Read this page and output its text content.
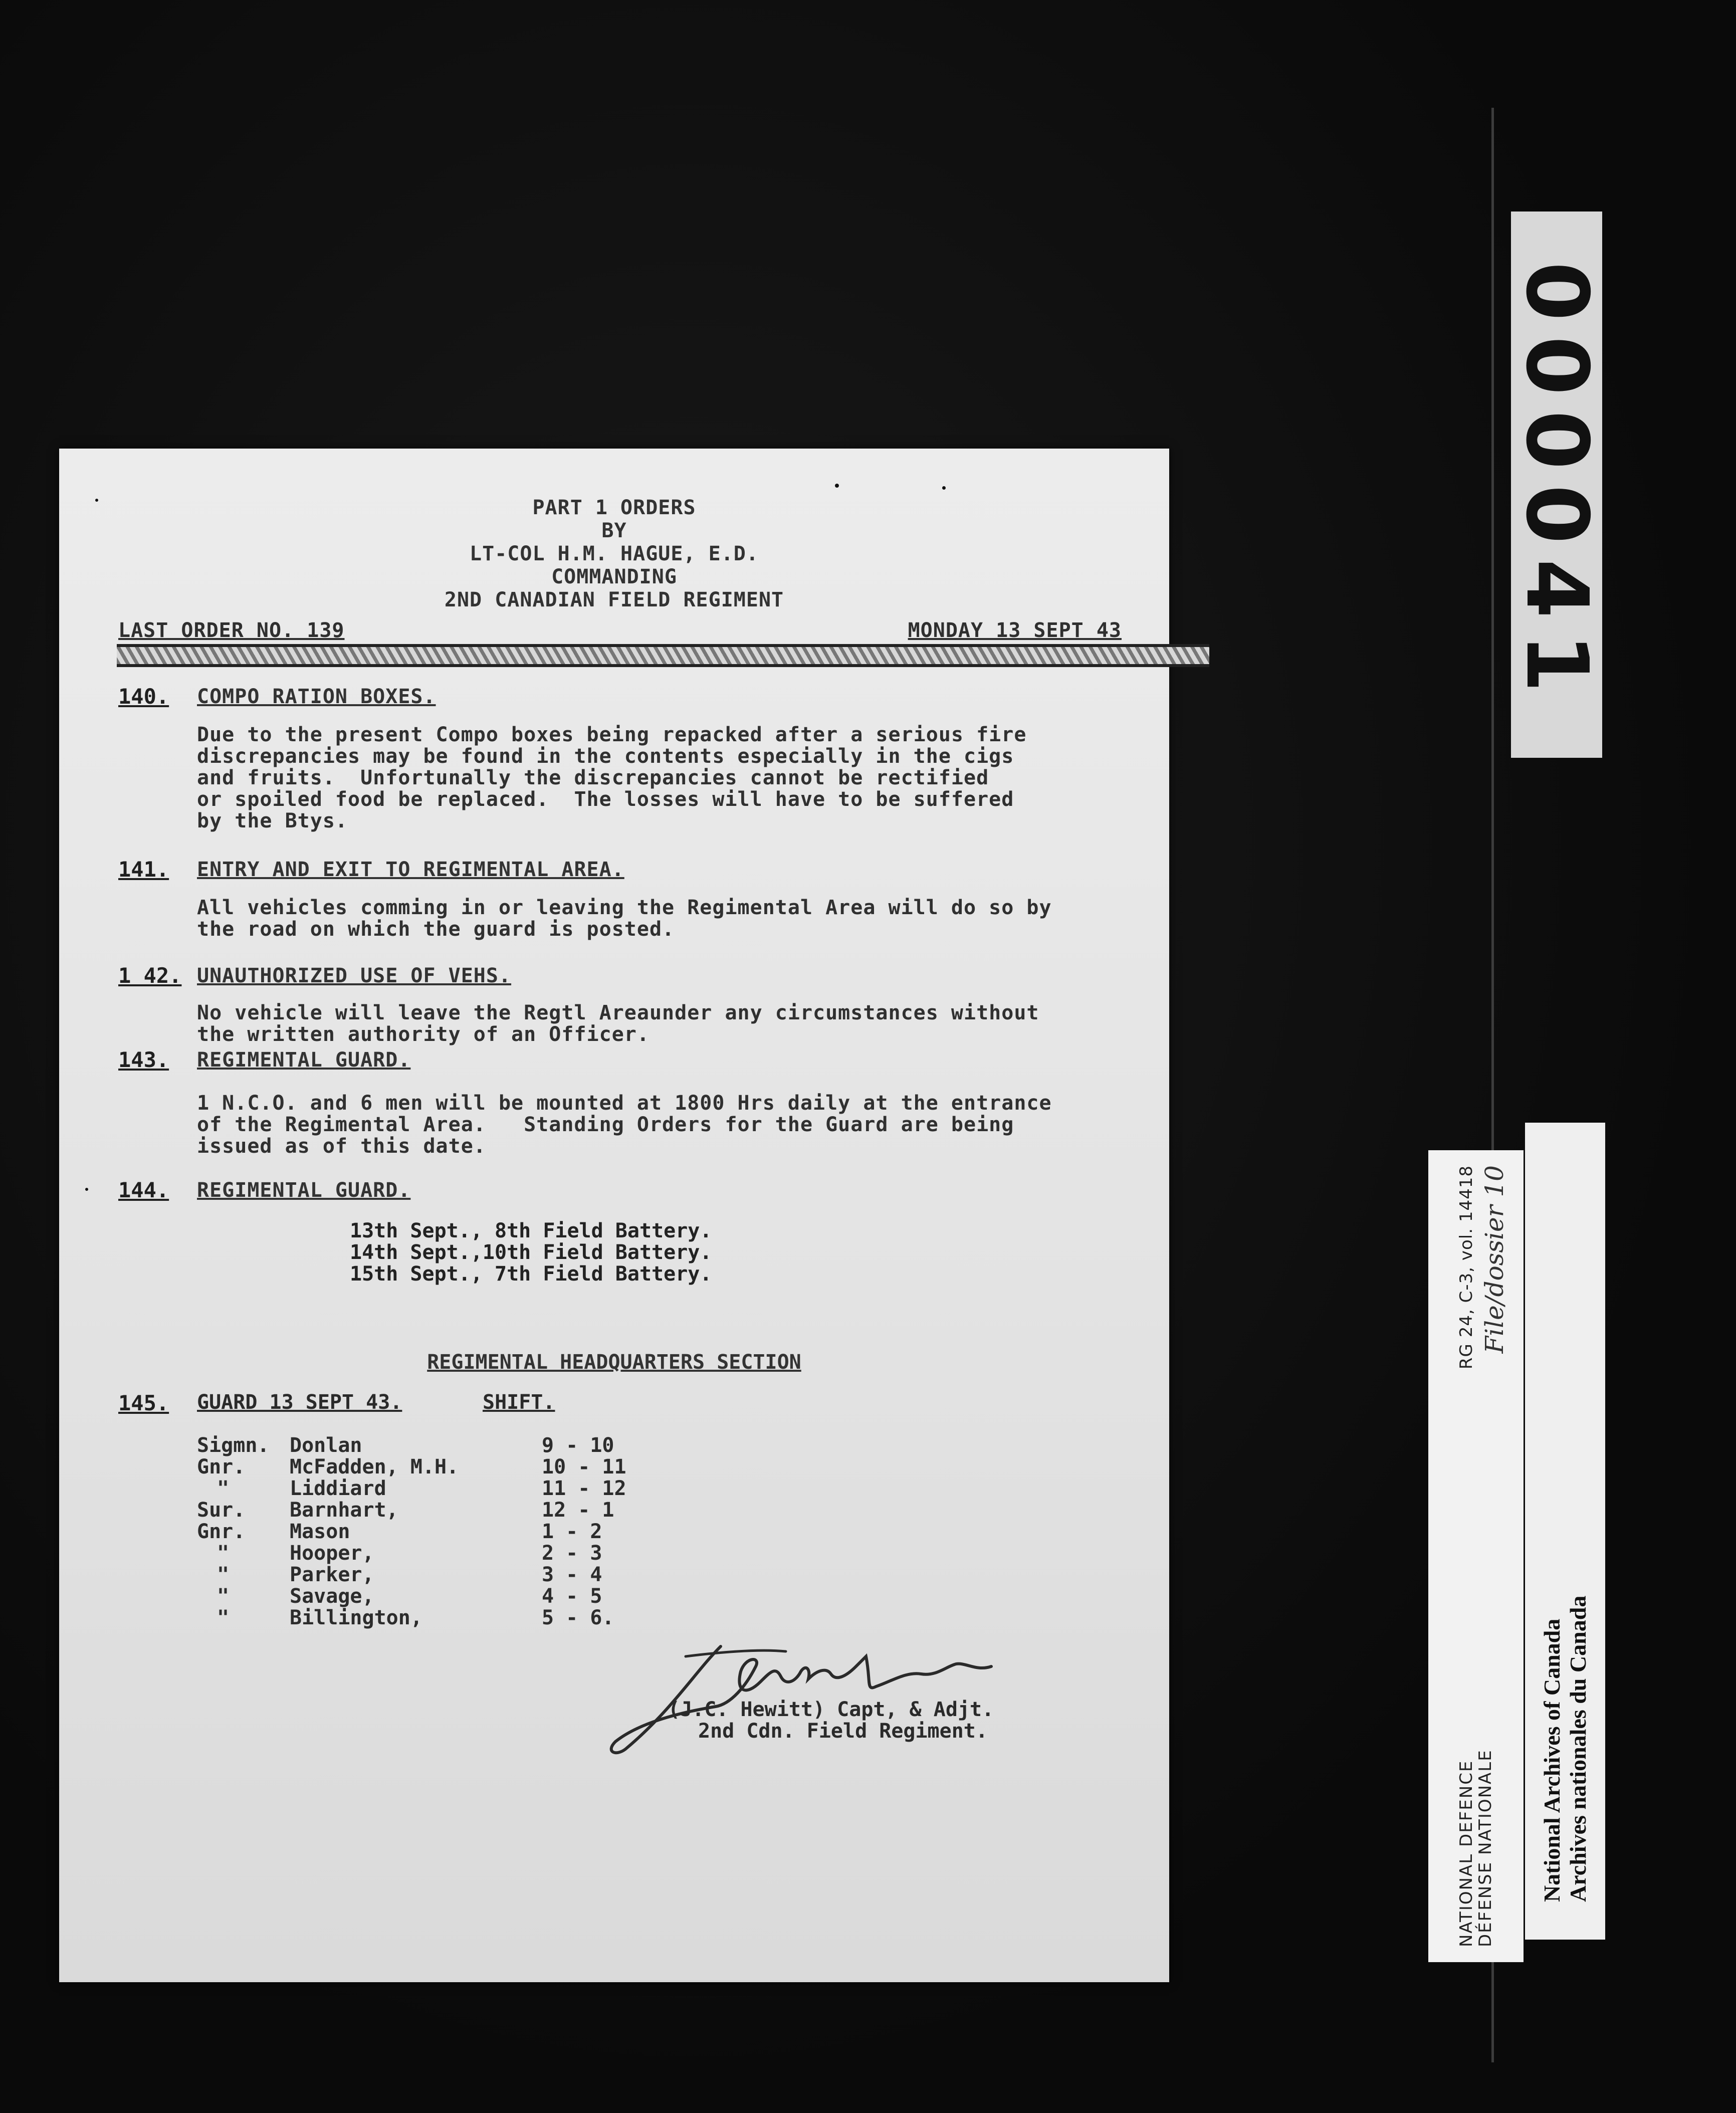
PART 1 ORDERS
BY
LT-COL H.M. HAGUE, E.D.
COMMANDING
2ND CANADIAN FIELD REGIMENT
LAST ORDER NO. 139	MONDAY 13 SEPT 43
140. COMPO RATION BOXES.
Due to the present Compo boxes being repacked after a serious fire
discrepancies may be found in the contents especially in the cigs
and fruits.  Unfortunally the discrepancies cannot be rectified
or spoiled food be replaced.  The losses will have to be suffered
by the Btys.
141. ENTRY AND EXIT TO REGIMENTAL AREA.
All vehicles comming in or leaving the Regimental Area will do so by
the road on which the guard is posted.
1 42. UNAUTHORIZED USE OF VEHS.
No vehicle will leave the Regtl Areaunder any circumstances without
the written authority of an Officer.
143. REGIMENTAL GUARD.
1 N.C.O. and 6 men will be mounted at 1800 Hrs daily at the entrance
of the Regimental Area.   Standing Orders for the Guard are being
issued as of this date.
144. REGIMENTAL GUARD.
13th Sept., 8th Field Battery.
14th Sept.,10th Field Battery.
15th Sept., 7th Field Battery.
REGIMENTAL HEADQUARTERS SECTION
145. GUARD 13 SEPT 43.	SHIFT.
Sigmn.	Donlan	9 - 10
Gnr.	McFadden, M.H.	10 - 11
"	Liddiard	11 - 12
Sur.	Barnhart,	12 - 1
Gnr.	Mason	1 - 2
"	Hooper,	2 - 3
"	Parker,	3 - 4
"	Savage,	4 - 5
"	Billington,	5 - 6.
(J.C. Hewitt) Capt, & Adjt.
2nd Cdn. Field Regiment.
000041
NATIONAL DEFENCE
DÉFENSE NATIONALE
RG 24, C-3, vol. 14418 File/dossier 10
National Archives of Canada Archives nationales du Canada
